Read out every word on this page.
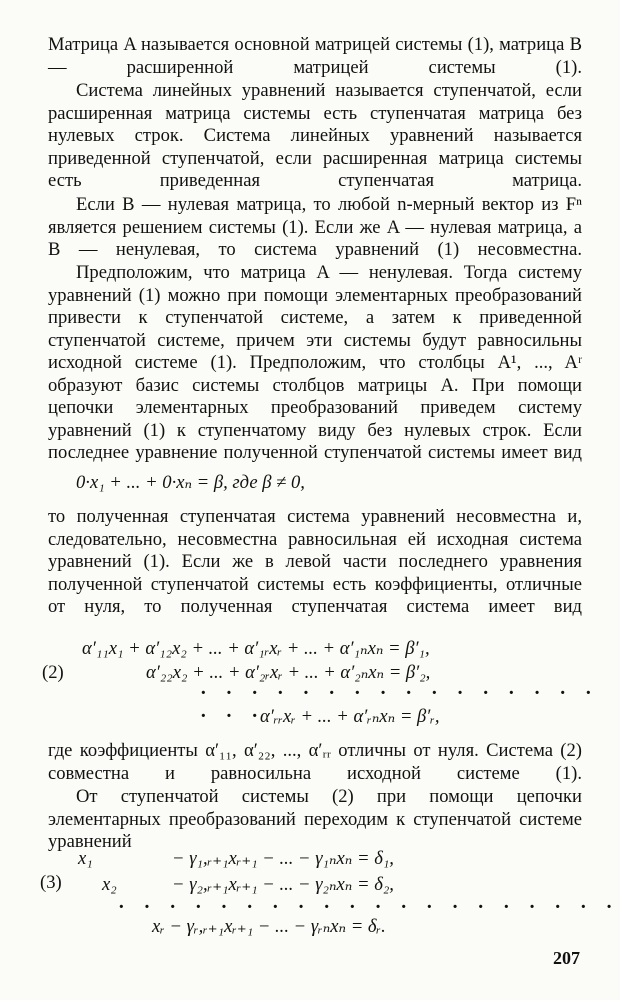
Матрица A называется основной матрицей системы (1), матрица B — расширенной матрицей системы (1).

Система линейных уравнений называется ступенчатой, если расширенная матрица системы есть ступенчатая матрица без нулевых строк. Система линейных уравнений называется приведенной ступенчатой, если расширенная матрица системы есть приведенная ступенчатая матрица.

Если B — нулевая матрица, то любой n-мерный вектор из Fⁿ является решением системы (1). Если же A — нулевая матрица, а B — ненулевая, то система уравнений (1) несовместна.

Предположим, что матрица A — ненулевая. Тогда систему уравнений (1) можно при помощи элементарных преобразований привести к ступенчатой системе, а затем к приведенной ступенчатой системе, причем эти системы будут равносильны исходной системе (1). Предположим, что столбцы A¹, ..., Aʳ образуют базис системы столбцов матрицы A. При помощи цепочки элементарных преобразований приведем систему уравнений (1) к ступенчатому виду без нулевых строк. Если последнее уравнение полученной ступенчатой системы имеет вид

0·x₁ + ... + 0·xₙ = β, где β ≠ 0,

то полученная ступенчатая система уравнений несовместна и, следовательно, несовместна равносильная ей исходная система уравнений (1). Если же в левой части последнего уравнения полученной ступенчатой системы есть коэффициенты, отличные от нуля, то полученная ступенчатая система имеет вид

(2)
α′₁₁x₁ + α′₁₂x₂ + ... + α′₁ᵣxᵣ + ... + α′₁ₙxₙ = β′₁,
α′₂₂x₂ + ... + α′₂ᵣxᵣ + ... + α′₂ₙxₙ = β′₂,
· · · · · · · · · · · · · · · · · · ·
α′ᵣᵣxᵣ + ... + α′ᵣₙxₙ = β′ᵣ,

где коэффициенты α′₁₁, α′₂₂, ..., α′ᵣᵣ отличны от нуля. Система (2) совместна и равносильна исходной системе (1).

От ступенчатой системы (2) при помощи цепочки элементарных преобразований переходим к ступенчатой системе уравнений

(3)
x₁	− γ₁,ᵣ₊₁xᵣ₊₁ − ... − γ₁ₙxₙ = δ₁,
x₂	− γ₂,ᵣ₊₁xᵣ₊₁ − ... − γ₂ₙxₙ = δ₂,
· · · · · · · · · · · · · · · · · · · ·
xᵣ − γᵣ,ᵣ₊₁xᵣ₊₁ − ... − γᵣₙxₙ = δᵣ.
207
